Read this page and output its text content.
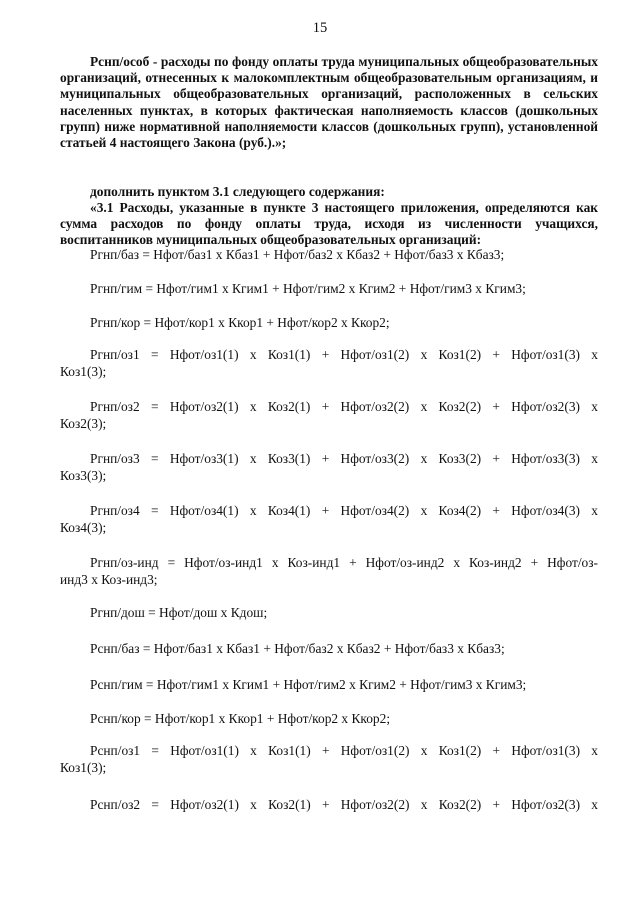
15

Рснп/особ - расходы по фонду оплаты труда муниципальных общеобразовательных организаций, отнесенных к малокомплектным общеобразовательным организациям, и муниципальных общеобразовательных организаций, расположенных в сельских населенных пунктах, в которых фактическая наполняемость классов (дошкольных групп) ниже нормативной наполняемости классов (дошкольных групп), установленной статьей 4 настоящего Закона (руб.).»;

дополнить пунктом 3.1 следующего содержания:

«3.1 Расходы, указанные в пункте 3 настоящего приложения, определяются как сумма расходов по фонду оплаты труда, исходя из численности учащихся, воспитанников муниципальных общеобразовательных организаций:

Ргнп/баз = Нфот/баз1 х Кбаз1 + Нфот/баз2 х Кбаз2 + Нфот/баз3 х Кбаз3;

Ргнп/гим = Нфот/гим1 х Кгим1 + Нфот/гим2 х Кгим2 + Нфот/гим3 х Кгим3;

Ргнп/кор = Нфот/кор1 х Ккор1 + Нфот/кор2 х Ккор2;

Ргнп/оз1 = Нфот/оз1(1) х Коз1(1) + Нфот/оз1(2) х Коз1(2) + Нфот/оз1(3) х
Коз1(3);
Ргнп/оз2 = Нфот/оз2(1) х Коз2(1) + Нфот/оз2(2) х Коз2(2) + Нфот/оз2(3) х
Коз2(3);
Ргнп/оз3 = Нфот/оз3(1) х Коз3(1) + Нфот/оз3(2) х Коз3(2) + Нфот/оз3(3) х
Коз3(3);
Ргнп/оз4 = Нфот/оз4(1) х Коз4(1) + Нфот/оз4(2) х Коз4(2) + Нфот/оз4(3) х
Коз4(3);
Ргнп/оз-инд = Нфот/оз-инд1 х Коз-инд1 + Нфот/оз-инд2 х Коз-инд2 + Нфот/оз-
инд3 х Коз-инд3;

Ргнп/дош = Нфот/дош х Кдош;

Рснп/баз = Нфот/баз1 х Кбаз1 + Нфот/баз2 х Кбаз2 + Нфот/баз3 х Кбаз3;

Рснп/гим = Нфот/гим1 х Кгим1 + Нфот/гим2 х Кгим2 + Нфот/гим3 х Кгим3;

Рснп/кор = Нфот/кор1 х Ккор1 + Нфот/кор2 х Ккор2;

Рснп/оз1 = Нфот/оз1(1) х Коз1(1) + Нфот/оз1(2) х Коз1(2) + Нфот/оз1(3) х
Коз1(3);
Рснп/оз2 = Нфот/оз2(1) х Коз2(1) + Нфот/оз2(2) х Коз2(2) + Нфот/оз2(3) х
